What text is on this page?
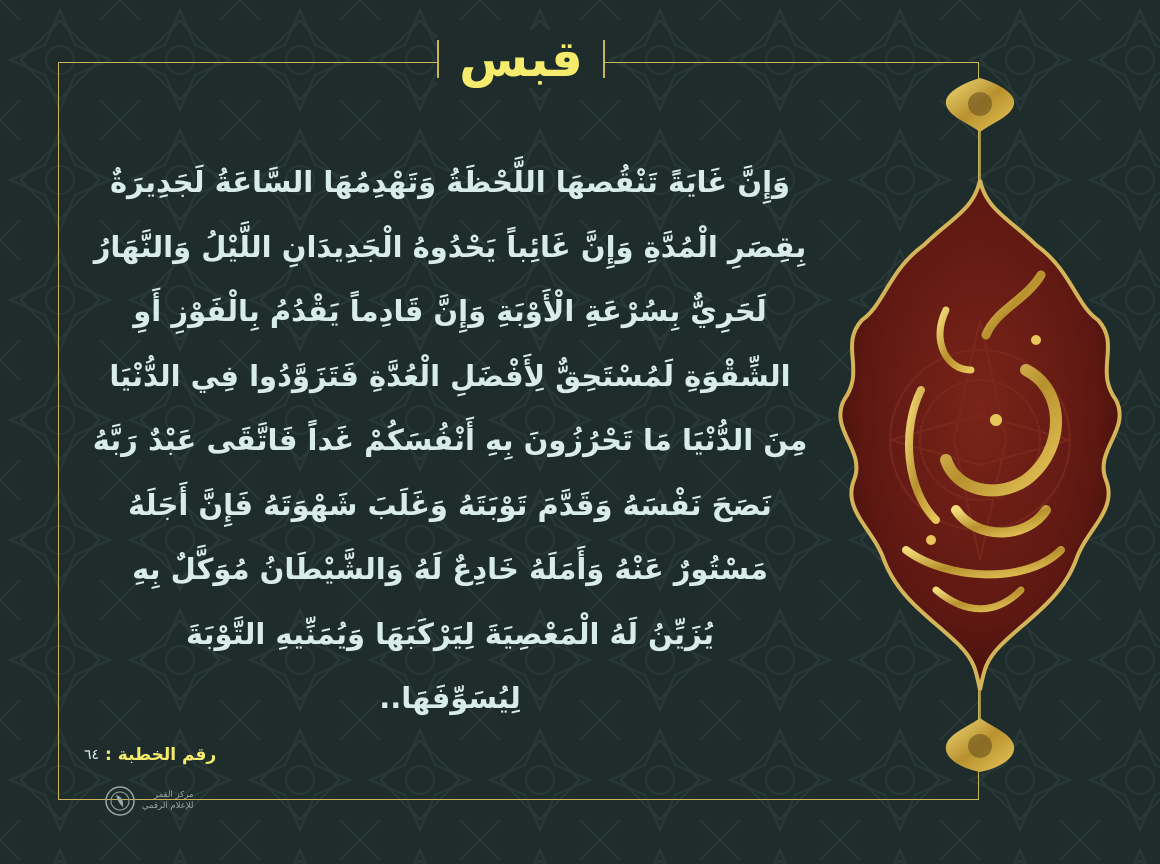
قبس
وَإِنَّ غَايَةً تَنْقُصهَا اللَّحْظَةُ وَتَهْدِمُهَا السَّاعَةُ لَجَدِيرَةٌ
بِقِصَرِ الْمُدَّةِ وَإِنَّ غَائِباً يَحْدُوهُ الْجَدِيدَانِ اللَّيْلُ وَالنَّهَارُ
لَحَرِيٌّ بِسُرْعَةِ الْأَوْبَةِ وَإِنَّ قَادِماً يَقْدُمُ بِالْفَوْزِ أَوِ
الشِّقْوَةِ لَمُسْتَحِقٌّ لِأَفْضَلِ الْعُدَّةِ فَتَزَوَّدُوا فِي الدُّنْيَا
مِنَ الدُّنْيَا مَا تَحْرُزُونَ بِهِ أَنْفُسَكُمْ غَداً فَاتَّقَى عَبْدٌ رَبَّهُ
نَصَحَ نَفْسَهُ وَقَدَّمَ تَوْبَتَهُ وَغَلَبَ شَهْوَتَهُ فَإِنَّ أَجَلَهُ
مَسْتُورٌ عَنْهُ وَأَمَلَهُ خَادِعٌ لَهُ وَالشَّيْطَانُ مُوَكَّلٌ بِهِ
يُزَيِّنُ لَهُ الْمَعْصِيَةَ لِيَرْكَبَهَا وَيُمَنِّيهِ التَّوْبَةَ
لِيُسَوِّفَهَا..
رقم الخطبة :
٦٤
مركز القمر
للإعلام الرقمي
